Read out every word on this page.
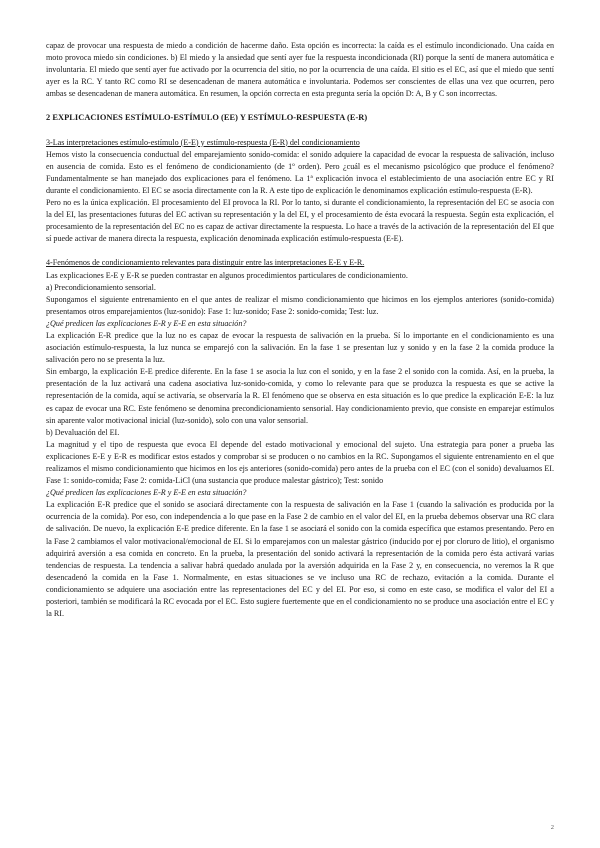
capaz de provocar una respuesta de miedo a condición de hacerme daño. Esta opción es incorrecta: la caída es el estímulo incondicionado. Una caída en moto provoca miedo sin condiciones. b) El miedo y la ansiedad que sentí ayer fue la respuesta incondicionada (RI) porque la sentí de manera automática e involuntaria. El miedo que sentí ayer fue activado por la ocurrencia del sitio, no por la ocurrencia de una caída. El sitio es el EC, así que el miedo que sentí ayer es la RC. Y tanto RC como RI se desencadenan de manera automática e involuntaria. Podemos ser conscientes de ellas una vez que ocurren, pero ambas se desencadenan de manera automática. En resumen, la opción correcta en esta pregunta sería la opción D: A, B y C son incorrectas.

2 EXPLICACIONES ESTÍMULO-ESTÍMULO (EE) Y ESTÍMULO-RESPUESTA (E-R)

3-Las interpretaciones estímulo-estímulo (E-E) y estímulo-respuesta (E-R) del condicionamiento

Hemos visto la consecuencia conductual del emparejamiento sonido-comida: el sonido adquiere la capacidad de evocar la respuesta de salivación, incluso en ausencia de comida. Esto es el fenómeno de condicionamiento (de 1º orden). Pero ¿cuál es el mecanismo psicológico que produce el fenómeno? Fundamentalmente se han manejado dos explicaciones para el fenómeno. La 1ª explicación invoca el establecimiento de una asociación entre EC y RI durante el condicionamiento. El EC se asocia directamente con la R. A este tipo de explicación le denominamos explicación estímulo-respuesta (E-R).

Pero no es la única explicación. El procesamiento del EI provoca la RI. Por lo tanto, si durante el condicionamiento, la representación del EC se asocia con la del EI, las presentaciones futuras del EC activan su representación y la del EI, y el procesamiento de ésta evocará la respuesta. Según esta explicación, el procesamiento de la representación del EC no es capaz de activar directamente la respuesta. Lo hace a través de la activación de la representación del EI que sí puede activar de manera directa la respuesta, explicación denominada explicación estímulo-respuesta (E-E).

4-Fenómenos de condicionamiento relevantes para distinguir entre las interpretaciones E-E y E-R.

Las explicaciones E-E y E-R se pueden contrastar en algunos procedimientos particulares de condicionamiento.

a) Precondicionamiento sensorial.

Supongamos el siguiente entrenamiento en el que antes de realizar el mismo condicionamiento que hicimos en los ejemplos anteriores (sonido-comida) presentamos otros emparejamientos (luz-sonido): Fase 1: luz-sonido; Fase 2: sonido-comida; Test: luz.

¿Qué predicen las explicaciones E-R y E-E en esta situación?

La explicación E-R predice que la luz no es capaz de evocar la respuesta de salivación en la prueba. Sí lo importante en el condicionamiento es una asociación estímulo-respuesta, la luz nunca se emparejó con la salivación. En la fase 1 se presentan luz y sonido y en la fase 2 la comida produce la salivación pero no se presenta la luz.

Sin embargo, la explicación E-E predice diferente. En la fase 1 se asocia la luz con el sonido, y en la fase 2 el sonido con la comida. Así, en la prueba, la presentación de la luz activará una cadena asociativa luz-sonido-comida, y como lo relevante para que se produzca la respuesta es que se active la representación de la comida, aquí se activaría, se observaría la R. El fenómeno que se observa en esta situación es lo que predice la explicación E-E: la luz es capaz de evocar una RC. Este fenómeno se denomina precondicionamiento sensorial. Hay condicionamiento previo, que consiste en emparejar estímulos sin aparente valor motivacional inicial (luz-sonido), solo con una valor sensorial.

b) Devaluación del EI.

La magnitud y el tipo de respuesta que evoca EI depende del estado motivacional y emocional del sujeto. Una estrategia para poner a prueba las explicaciones E-E y E-R es modificar estos estados y comprobar si se producen o no cambios en la RC. Supongamos el siguiente entrenamiento en el que realizamos el mismo condicionamiento que hicimos en los ejs anteriores (sonido-comida) pero antes de la prueba con el EC (con el sonido) devaluamos EI. Fase 1: sonido-comida; Fase 2: comida-LiCl (una sustancia que produce malestar gástrico); Test: sonido

¿Qué predicen las explicaciones E-R y E-E en esta situación?

La explicación E-R predice que el sonido se asociará directamente con la respuesta de salivación en la Fase 1 (cuando la salivación es producida por la ocurrencia de la comida). Por eso, con independencia a lo que pase en la Fase 2 de cambio en el valor del EI, en la prueba debemos observar una RC clara de salivación. De nuevo, la explicación E-E predice diferente. En la fase 1 se asociará el sonido con la comida específica que estamos presentando. Pero en la Fase 2 cambiamos el valor motivacional/emocional de EI. Si lo emparejamos con un malestar gástrico (inducido por ej por cloruro de litio), el organismo adquirirá aversión a esa comida en concreto. En la prueba, la presentación del sonido activará la representación de la comida pero ésta activará varias tendencias de respuesta. La tendencia a salivar habrá quedado anulada por la aversión adquirida en la Fase 2 y, en consecuencia, no veremos la R que desencadenó la comida en la Fase 1. Normalmente, en estas situaciones se ve incluso una RC de rechazo, evitación a la comida. Durante el condicionamiento se adquiere una asociación entre las representaciones del EC y del EI. Por eso, si como en este caso, se modifica el valor del EI a posteriori, también se modificará la RC evocada por el EC. Esto sugiere fuertemente que en el condicionamiento no se produce una asociación entre el EC y la RI.

2
